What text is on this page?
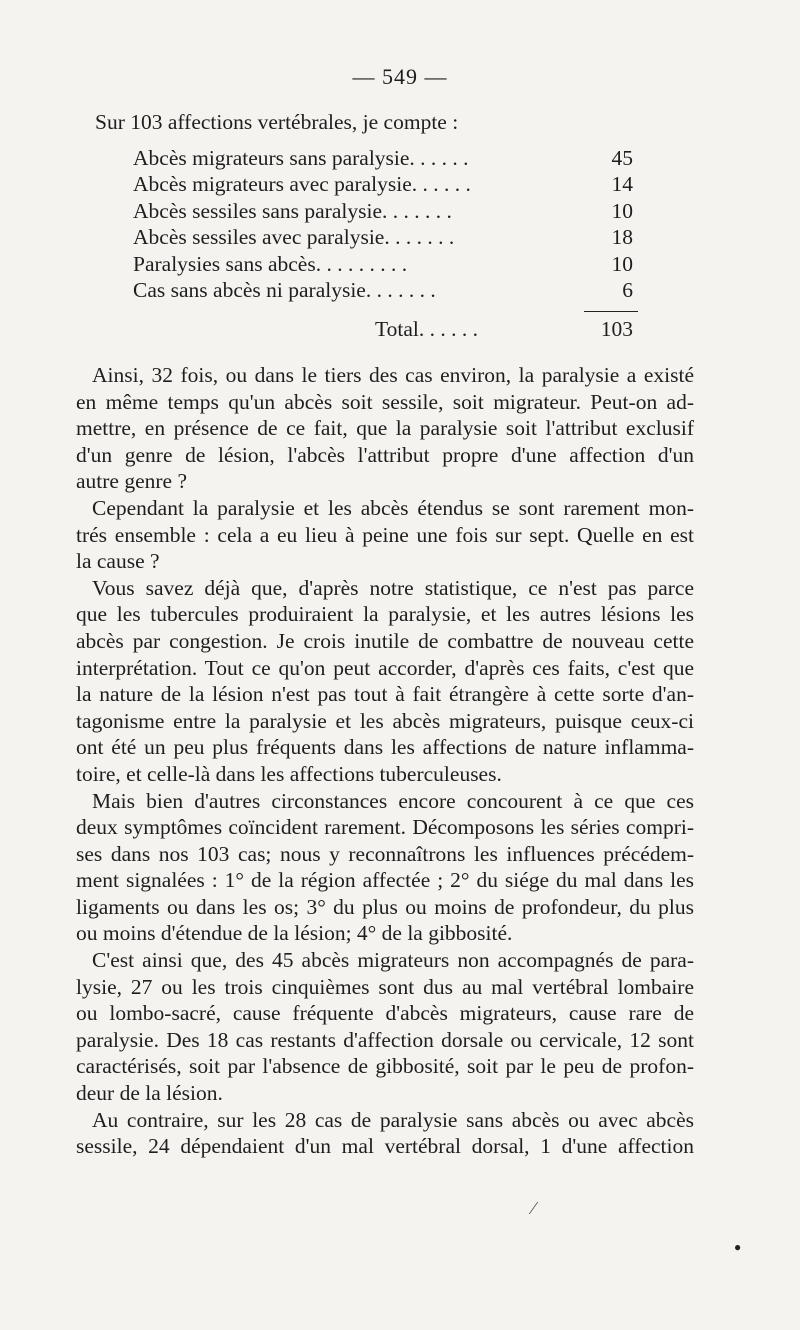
— 549 —
Sur 103 affections vertébrales, je compte :
Abcès migrateurs sans paralysie. . . . . .	45
Abcès migrateurs avec paralysie. . . . . .	14
Abcès sessiles sans paralysie. . . . . . .	10
Abcès sessiles avec paralysie. . . . . . .	18
Paralysies sans abcès. . . . . . . . .	10
Cas sans abcès ni paralysie. . . . . . .	6
Total. . . . . .	103
Ainsi, 32 fois, ou dans le tiers des cas environ, la paralysie a existé
en même temps qu'un abcès soit sessile, soit migrateur. Peut-on ad-
mettre, en présence de ce fait, que la paralysie soit l'attribut exclusif
d'un genre de lésion, l'abcès l'attribut propre d'une affection d'un
autre genre ?
Cependant la paralysie et les abcès étendus se sont rarement mon-
trés ensemble : cela a eu lieu à peine une fois sur sept. Quelle en est
la cause ?
Vous savez déjà que, d'après notre statistique, ce n'est pas parce
que les tubercules produiraient la paralysie, et les autres lésions les
abcès par congestion. Je crois inutile de combattre de nouveau cette
interprétation. Tout ce qu'on peut accorder, d'après ces faits, c'est que
la nature de la lésion n'est pas tout à fait étrangère à cette sorte d'an-
tagonisme entre la paralysie et les abcès migrateurs, puisque ceux-ci
ont été un peu plus fréquents dans les affections de nature inflamma-
toire, et celle-là dans les affections tuberculeuses.
Mais bien d'autres circonstances encore concourent à ce que ces
deux symptômes coïncident rarement. Décomposons les séries compri-
ses dans nos 103 cas; nous y reconnaîtrons les influences précédem-
ment signalées : 1° de la région affectée ; 2° du siége du mal dans les
ligaments ou dans les os; 3° du plus ou moins de profondeur, du plus
ou moins d'étendue de la lésion; 4° de la gibbosité.
C'est ainsi que, des 45 abcès migrateurs non accompagnés de para-
lysie, 27 ou les trois cinquièmes sont dus au mal vertébral lombaire
ou lombo-sacré, cause fréquente d'abcès migrateurs, cause rare de
paralysie. Des 18 cas restants d'affection dorsale ou cervicale, 12 sont
caractérisés, soit par l'absence de gibbosité, soit par le peu de profon-
deur de la lésion.
Au contraire, sur les 28 cas de paralysie sans abcès ou avec abcès
sessile, 24 dépendaient d'un mal vertébral dorsal, 1 d'une affection
⁄
●
